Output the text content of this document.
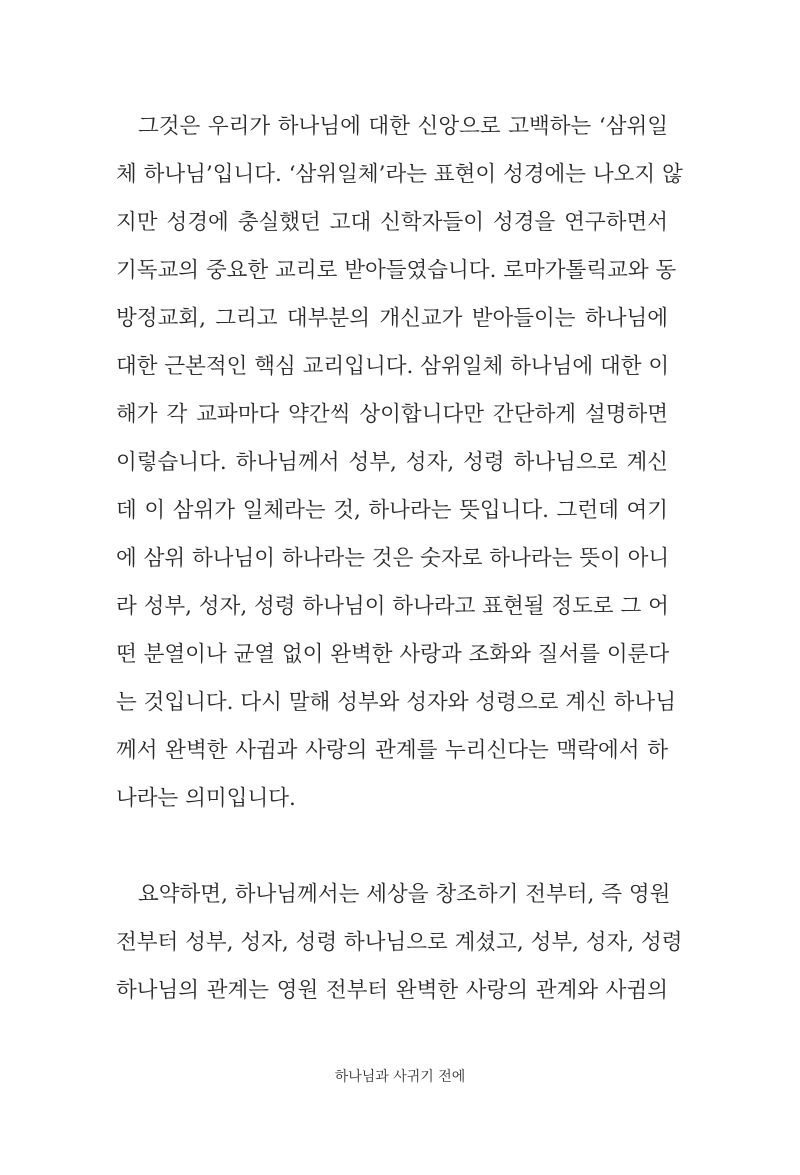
그것은 우리가 하나님에 대한 신앙으로 고백하는 ‘삼위일
체 하나님’입니다. ‘삼위일체’라는 표현이 성경에는 나오지 않
지만 성경에 충실했던 고대 신학자들이 성경을 연구하면서
기독교의 중요한 교리로 받아들였습니다. 로마가톨릭교와 동
방정교회, 그리고 대부분의 개신교가 받아들이는 하나님에
대한 근본적인 핵심 교리입니다. 삼위일체 하나님에 대한 이
해가 각 교파마다 약간씩 상이합니다만 간단하게 설명하면
이렇습니다. 하나님께서 성부, 성자, 성령 하나님으로 계신
데 이 삼위가 일체라는 것, 하나라는 뜻입니다. 그런데 여기
에 삼위 하나님이 하나라는 것은 숫자로 하나라는 뜻이 아니
라 성부, 성자, 성령 하나님이 하나라고 표현될 정도로 그 어
떤 분열이나 균열 없이 완벽한 사랑과 조화와 질서를 이룬다
는 것입니다. 다시 말해 성부와 성자와 성령으로 계신 하나님
께서 완벽한 사귐과 사랑의 관계를 누리신다는 맥락에서 하
나라는 의미입니다.
요약하면, 하나님께서는 세상을 창조하기 전부터, 즉 영원
전부터 성부, 성자, 성령 하나님으로 계셨고, 성부, 성자, 성령
하나님의 관계는 영원 전부터 완벽한 사랑의 관계와 사귐의
하나님과 사귀기 전에
